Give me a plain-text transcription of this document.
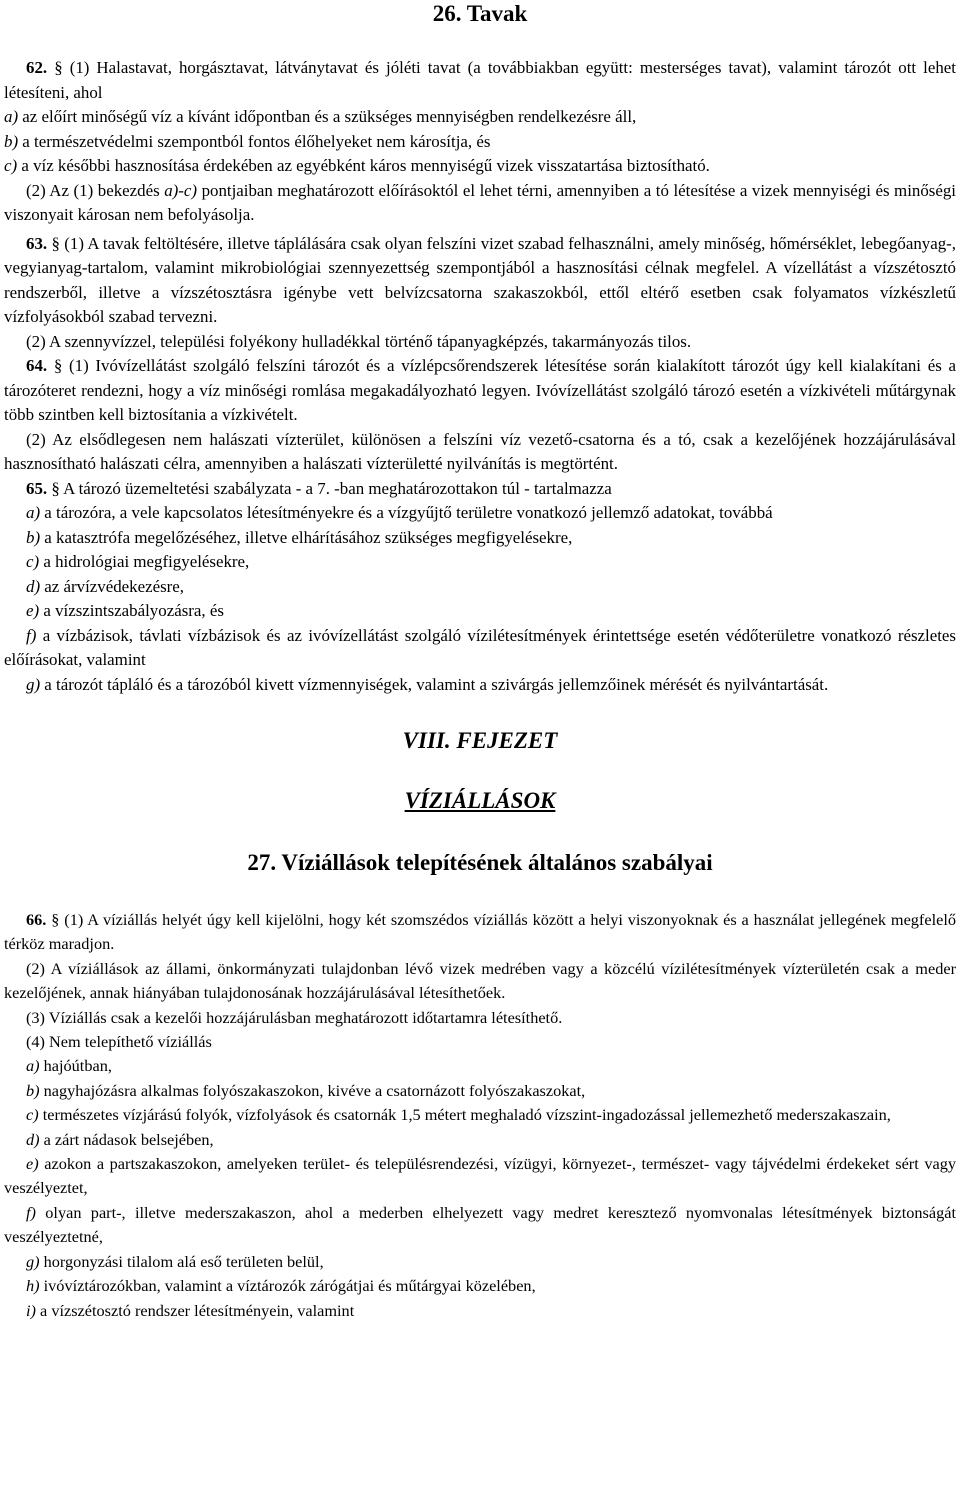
26. Tavak

62. § (1) Halastavat, horgásztavat, látványtavat és jóléti tavat (a továbbiakban együtt: mesterséges tavat), valamint tározót ott lehet létesíteni, ahol

a) az előírt minőségű víz a kívánt időpontban és a szükséges mennyiségben rendelkezésre áll,

b) a természetvédelmi szempontból fontos élőhelyeket nem károsítja, és

c) a víz későbbi hasznosítása érdekében az egyébként káros mennyiségű vizek visszatartása biztosítható.

(2) Az (1) bekezdés a)-c) pontjaiban meghatározott előírásoktól el lehet térni, amennyiben a tó létesítése a vizek mennyiségi és minőségi viszonyait károsan nem befolyásolja.

63. § (1) A tavak feltöltésére, illetve táplálására csak olyan felszíni vizet szabad felhasználni, amely minőség, hőmérséklet, lebegőanyag-, vegyianyag-tartalom, valamint mikrobiológiai szennyezettség szempontjából a hasznosítási célnak megfelel. A vízellátást a vízszétosztó rendszerből, illetve a vízszétosztásra igénybe vett belvízcsatorna szakaszokból, ettől eltérő esetben csak folyamatos vízkészletű vízfolyásokból szabad tervezni.

(2) A szennyvízzel, települési folyékony hulladékkal történő tápanyagképzés, takarmányozás tilos.

64. § (1) Ivóvízellátást szolgáló felszíni tározót és a vízlépcsőrendszerek létesítése során kialakított tározót úgy kell kialakítani és a tározóteret rendezni, hogy a víz minőségi romlása megakadályozható legyen. Ivóvízellátást szolgáló tározó esetén a vízkivételi műtárgynak több szintben kell biztosítania a vízkivételt.

(2) Az elsődlegesen nem halászati vízterület, különösen a felszíni víz vezető-csatorna és a tó, csak a kezelőjének hozzájárulásával hasznosítható halászati célra, amennyiben a halászati vízterületté nyilvánítás is megtörtént.

65. § A tározó üzemeltetési szabályzata - a 7. -ban meghatározottakon túl - tartalmazza

a) a tározóra, a vele kapcsolatos létesítményekre és a vízgyűjtő területre vonatkozó jellemző adatokat, továbbá

b) a katasztrófa megelőzéséhez, illetve elhárításához szükséges megfigyelésekre,

c) a hidrológiai megfigyelésekre,

d) az árvízvédekezésre,

e) a vízszintszabályozásra, és

f) a vízbázisok, távlati vízbázisok és az ivóvízellátást szolgáló vízilétesítmények érintettsége esetén védőterületre vonatkozó részletes előírásokat, valamint

g) a tározót tápláló és a tározóból kivett vízmennyiségek, valamint a szivárgás jellemzőinek mérését és nyilvántartását.

VIII. FEJEZET
VÍZIÁLLÁSOK
27. Víziállások telepítésének általános szabályai

66. § (1) A víziállás helyét úgy kell kijelölni, hogy két szomszédos víziállás között a helyi viszonyoknak és a használat jellegének megfelelő térköz maradjon.

(2) A víziállások az állami, önkormányzati tulajdonban lévő vizek medrében vagy a közcélú vízilétesítmények vízterületén csak a meder kezelőjének, annak hiányában tulajdonosának hozzájárulásával létesíthetőek.

(3) Víziállás csak a kezelői hozzájárulásban meghatározott időtartamra létesíthető.

(4) Nem telepíthető víziállás

a) hajóútban,

b) nagyhajózásra alkalmas folyószakaszokon, kivéve a csatornázott folyószakaszokat,

c) természetes vízjárású folyók, vízfolyások és csatornák 1,5 métert meghaladó vízszint-ingadozással jellemezhető mederszakaszain,

d) a zárt nádasok belsejében,

e) azokon a partszakaszokon, amelyeken terület- és településrendezési, vízügyi, környezet-, természet- vagy tájvédelmi érdekeket sért vagy veszélyeztet,

f) olyan part-, illetve mederszakaszon, ahol a mederben elhelyezett vagy medret keresztező nyomvonalas létesítmények biztonságát veszélyeztetné,

g) horgonyzási tilalom alá eső területen belül,

h) ivóvíztározókban, valamint a víztározók zárógátjai és műtárgyai közelében,

i) a vízszétosztó rendszer létesítményein, valamint
